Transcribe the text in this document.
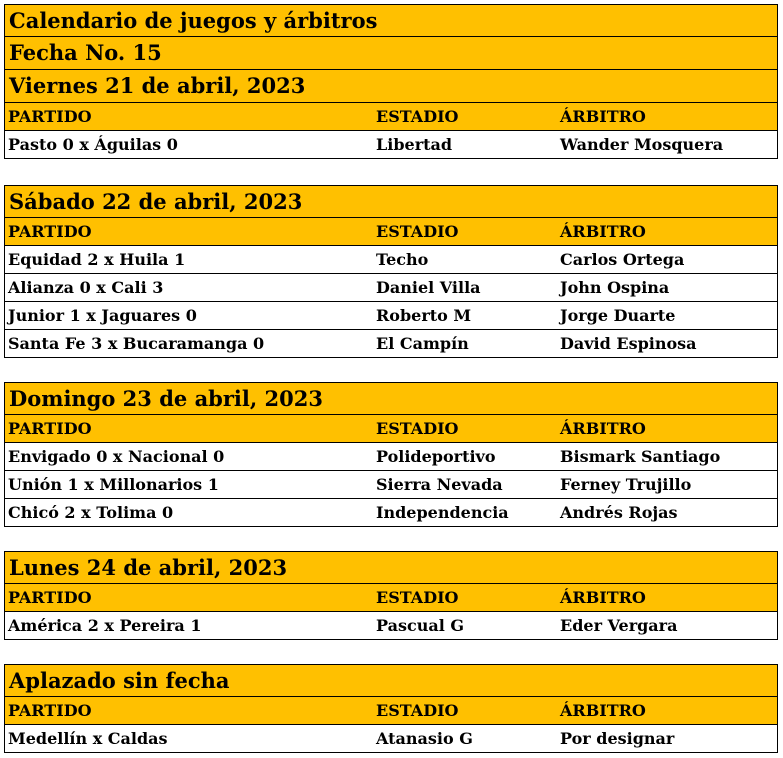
Calendario de juegos y árbitros
Fecha No. 15
Viernes 21 de abril, 2023
PARTIDO	ESTADIO	ÁRBITRO
Pasto 0 x Águilas 0	Libertad	Wander Mosquera
Sábado 22 de abril, 2023
PARTIDO	ESTADIO	ÁRBITRO
Equidad 2 x Huila 1	Techo	Carlos Ortega
Alianza 0 x Cali 3	Daniel Villa	John Ospina
Junior 1 x Jaguares 0	Roberto M	Jorge Duarte
Santa Fe 3 x Bucaramanga 0	El Campín	David Espinosa
Domingo 23 de abril, 2023
PARTIDO	ESTADIO	ÁRBITRO
Envigado 0 x Nacional 0	Polideportivo	Bismark Santiago
Unión 1 x Millonarios 1	Sierra Nevada	Ferney Trujillo
Chicó 2 x Tolima 0	Independencia	Andrés Rojas
Lunes 24 de abril, 2023
PARTIDO	ESTADIO	ÁRBITRO
América 2 x Pereira 1	Pascual G	Eder Vergara
Aplazado sin fecha
PARTIDO	ESTADIO	ÁRBITRO
Medellín x Caldas	Atanasio G	Por designar
